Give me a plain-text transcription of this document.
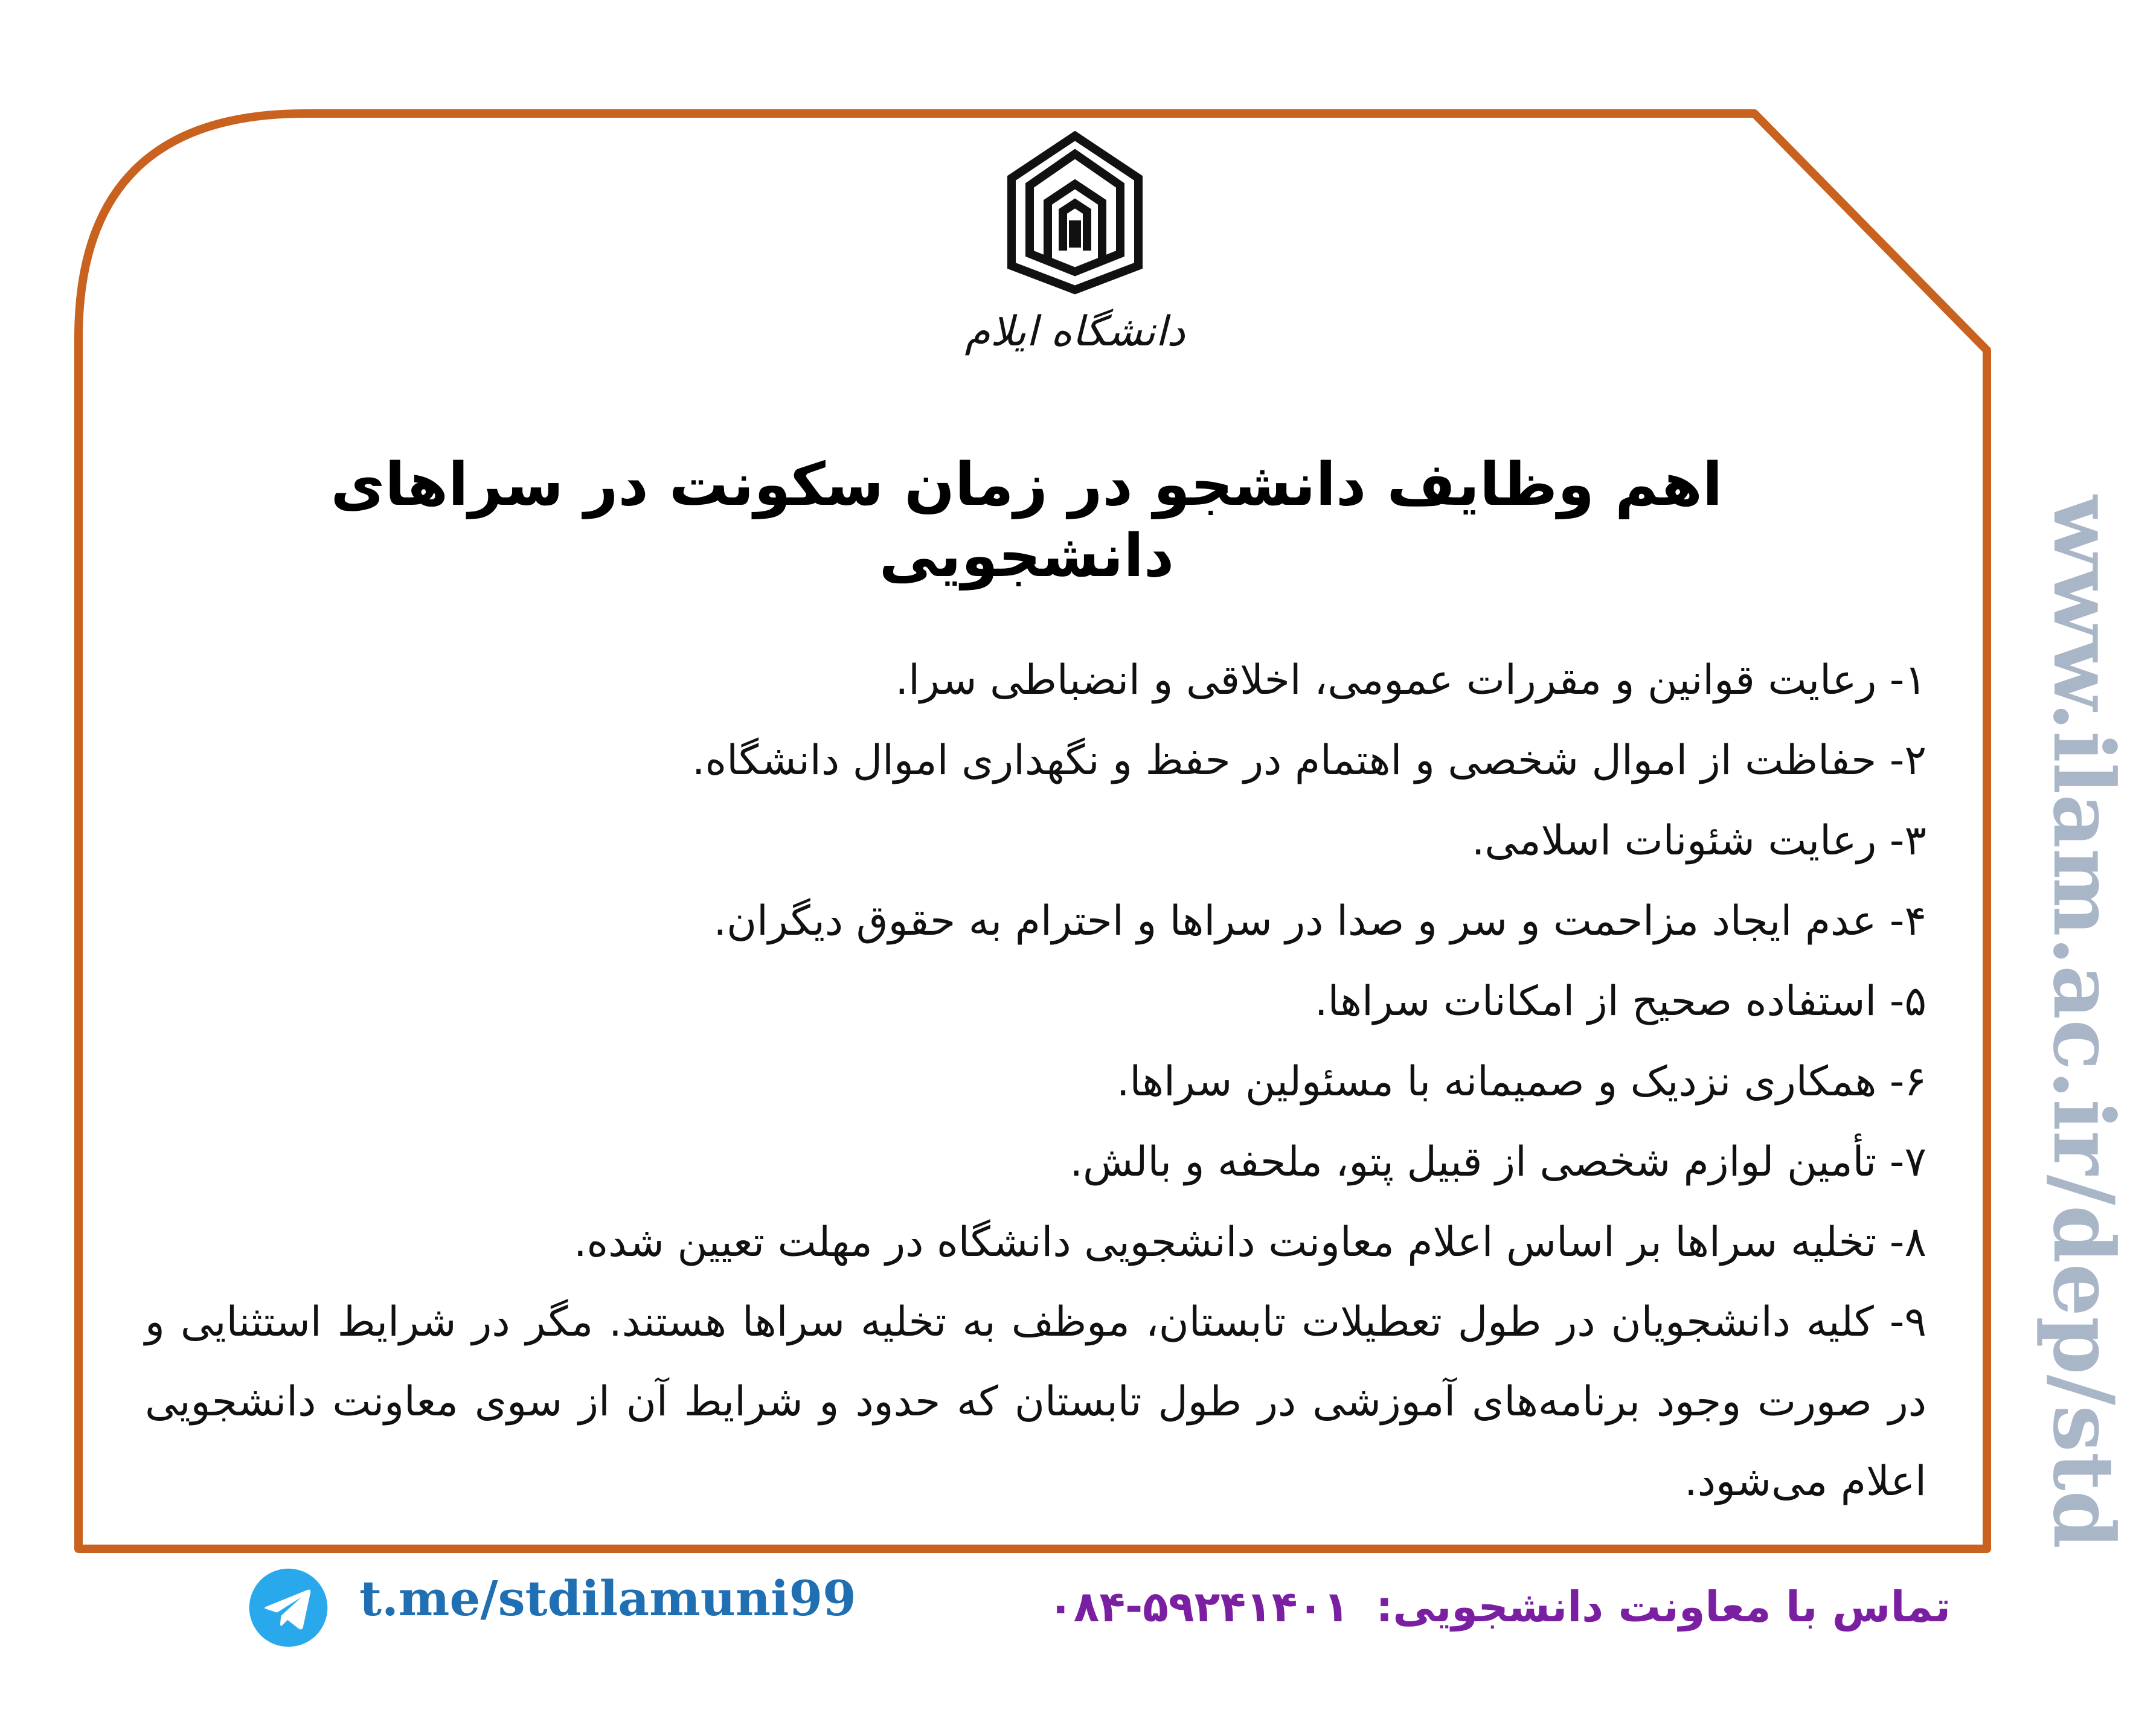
دانشگاه ایلام
اهم وظایف دانشجو در زمان سکونت در سراهای دانشجویی
۱- رعایت قوانین و مقررات عمومی، اخلاقی و انضباطی سرا.
۲- حفاظت از اموال شخصی و اهتمام در حفظ و نگهداری اموال دانشگاه.
۳- رعایت شئونات اسلامی.
۴- عدم ایجاد مزاحمت و سر و صدا در سراها و احترام به حقوق دیگران.
۵- استفاده صحیح از امکانات سراها.
۶- همکاری نزدیک و صمیمانه با مسئولین سراها.
۷- تأمین لوازم شخصی از قبیل پتو، ملحفه و بالش.
۸- تخلیه سراها بر اساس اعلام معاونت دانشجویی دانشگاه در مهلت تعیین شده.
۹- کلیه دانشجویان در طول تعطیلات تابستان، موظف به تخلیه سراها هستند. مگر در شرایط استثنایی و در صورت وجود برنامه‌های آموزشی در طول تابستان که حدود و شرایط آن از سوی معاونت دانشجویی اعلام می‌شود. www.ilam.ac.ir/dep/std
t.me/stdilamuni99	تماس با معاونت دانشجویی: ۰۸۴-۵۹۲۴۱۴۰۱
